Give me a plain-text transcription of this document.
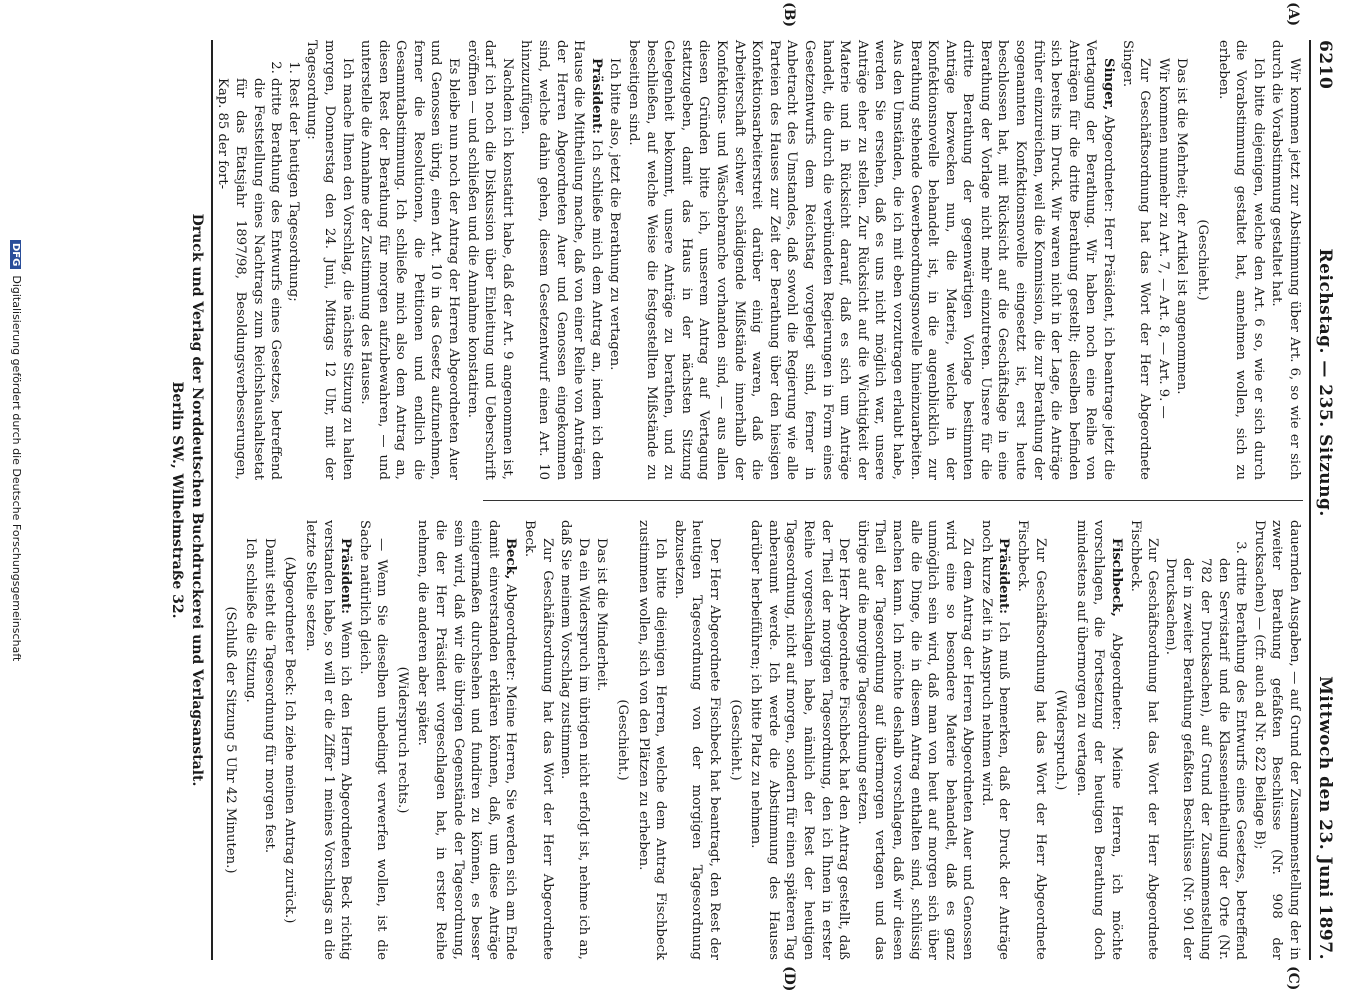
6210
Reichstag. — 235. Sitzung.
Mittwoch den 23. Juni 1897.
(A)
(B)
(C)
(D)

Wir kommen jetzt zur Abstimmung über Art. 6, so wie er sich durch die Vorabstimmung gestaltet hat.

Ich bitte diejenigen, welche den Art. 6 so, wie er sich durch die Vorabstimmung gestaltet hat, annehmen wollen, sich zu erheben.

(Geschieht.)

Das ist die Mehrheit; der Artikel ist angenommen.

Wir kommen nunmehr zu Art. 7, — Art. 8, — Art. 9. —

Zur Geschäftsordnung hat das Wort der Herr Abgeordnete Singer.

Singer, Abgeordneter: Herr Präsident, ich beantrage jetzt die Vertagung der Berathung. Wir haben noch eine Reihe von Anträgen für die dritte Berathung gestellt; dieselben befinden sich bereits im Druck. Wir waren nicht in der Lage, die Anträge früher einzureichen, weil die Kommission, die zur Berathung der sogenannten Konfektionsnovelle eingesetzt ist, erst heute beschlossen hat, mit Rücksicht auf die Geschäftslage in eine Berathung der Vorlage nicht mehr einzutreten. Unsere für die dritte Berathung der gegenwärtigen Vorlage bestimmten Anträge bezwecken nun, die Materie, welche in der Konfektionsnovelle behandelt ist, in die augenblicklich zur Berathung stehende Gewerbeordnungsnovelle hineinzuarbeiten. Aus den Umständen, die ich mit eben vorzutragen erlaubt habe, werden Sie ersehen, daß es uns nicht möglich war, unsere Anträge eher zu stellen. Zur Rücksicht auf die Wichtigkeit der Materie und in Rücksicht darauf, daß es sich um Anträge handelt, die durch die verbündeten Regierungen in Form eines Gesetzentwurfs dem Reichstag vorgelegt sind, ferner in Anbetracht des Umstandes, daß sowohl die Regierung wie alle Parteien des Hauses zur Zeit der Berathung über den hiesigen Konfektionsarbeiterstreit darüber einig waren, daß die Arbeiterschaft schwer schädigende Mißstände innerhalb der Konfektions- und Wäschebranche vorhanden sind, — aus allen diesen Gründen bitte ich, unserem Antrag auf Vertagung stattzugeben, damit das Haus in der nächsten Sitzung Gelegenheit bekommt, unsere Anträge zu berathen, und zu beschließen, auf welche Weise die festgestellten Mißstände zu beseitigen sind.

Ich bitte also, jetzt die Berathung zu vertagen.

Präsident: Ich schließe mich dem Antrag an, indem ich dem Hause die Mittheilung mache, daß von einer Reihe von Anträgen der Herren Abgeordneten Auer und Genossen eingekommen sind, welche dahin gehen, diesem Gesetzentwurf einen Art. 10 hinzuzufügen.

Nachdem ich konstatirt habe, daß der Art. 9 angenommen ist, darf ich noch die Diskussion über Einleitung und Ueberschrift eröffnen — und schließen und die Annahme konstatiren.

Es bleibe nun noch der Antrag der Herren Abgeordneten Auer und Genossen übrig, einen Art. 10 in das Gesetz aufzunehmen, ferner die Resolutionen, die Petitionen und endlich die Gesammtabstimmung. Ich schließe mich also dem Antrag an, diesen Rest der Berathung für morgen aufzubewahren, — und unterstelle die Annahme der Zustimmung des Hauses.

Ich mache Ihnen den Vorschlag, die nächste Sitzung zu halten morgen, Donnerstag den 24. Juni, Mittags 12 Uhr, mit der Tagesordnung:

1. Rest der heutigen Tagesordnung;
2. dritte Berathung des Entwurfs eines Gesetzes, betreffend die Feststellung eines Nachtrags zum Reichshaushaltsetat für das Etatsjahr 1897/98, Besoldungsverbesserungen, Kap. 85 der fort-

dauernden Ausgaben, — auf Grund der Zusammenstellung der in zweiter Berathung gefaßten Beschlüsse (Nr. 908 der Drucksachen) — (cfr. auch ad Nr. 822 Beilage B);

3. dritte Berathung des Entwurfs eines Gesetzes, betreffend den Servistarif und die Klasseneintheilung der Orte (Nr. 782 der Drucksachen), auf Grund der Zusammenstellung der in zweiter Berathung gefaßten Beschlüsse (Nr. 901 der Drucksachen).

Zur Geschäftsordnung hat das Wort der Herr Abgeordnete Fischbeck.

Fischbeck, Abgeordneter: Meine Herren, ich möchte vorschlagen, die Fortsetzung der heutigen Berathung doch mindestens auf übermorgen zu vertagen.

(Widerspruch.)

Zur Geschäftsordnung hat das Wort der Herr Abgeordnete Fischbeck.

Präsident: Ich muß bemerken, daß der Druck der Anträge noch kurze Zeit in Anspruch nehmen wird.

Zu dem Antrag der Herren Abgeordneten Auer und Genossen wird eine so besondere Materie behandelt, daß es ganz unmöglich sein wird, daß man von heut auf morgen sich über alle die Dinge, die in diesem Antrag enthalten sind, schlüssig machen kann. Ich möchte deshalb vorschlagen, daß wir diesen Theil der Tagesordnung auf übermorgen vertagen und das übrige auf die morgige Tagesordnung setzen.

Der Herr Abgeordnete Fischbeck hat den Antrag gestellt, daß der Theil der morgigen Tagesordnung, den ich Ihnen in erster Reihe vorgeschlagen habe, nämlich der Rest der heutigen Tagesordnung, nicht auf morgen, sondern für einen späteren Tag anberaumt werde. Ich werde die Abstimmung des Hauses darüber herbeiführen; ich bitte Platz zu nehmen.

(Geschieht.)

Der Herr Abgeordnete Fischbeck hat beantragt, den Rest der heutigen Tagesordnung von der morgigen Tagesordnung abzusetzen.

Ich bitte diejenigen Herren, welche dem Antrag Fischbeck zustimmen wollen, sich von den Plätzen zu erheben.

(Geschieht.)

Das ist die Minderheit.

Da ein Widerspruch im übrigen nicht erfolgt ist, nehme ich an, daß Sie meinem Vorschlag zustimmen.

Zur Geschäftsordnung hat das Wort der Herr Abgeordnete Beck.

Beck, Abgeordneter: Meine Herren, Sie werden sich am Ende damit einverstanden erklären können, daß, um diese Anträge einigermaßen durchsehen und fundiren zu können, es besser sein wird, daß wir die übrigen Gegenstände der Tagesordnung, die der Herr Präsident vorgeschlagen hat, in erster Reihe nehmen, die anderen aber später.

(Widerspruch rechts.)

— Wenn Sie dieselben unbedingt verwerfen wollen, ist die Sache natürlich gleich.

Präsident: Wenn ich den Herrn Abgeordneten Beck richtig verstanden habe, so will er die Ziffer 1 meines Vorschlags an die letzte Stelle setzen.

(Abgeordneter Beck: Ich ziehe meinen Antrag zurück.)

Damit steht die Tagesordnung für morgen fest.

Ich schließe die Sitzung.

(Schluß der Sitzung 5 Uhr 42 Minuten.)

Druck und Verlag der Norddeutschen Buchdruckerei und Verlagsanstalt.
Berlin SW., Wilhelmstraße 32.
DFGDigitalisierung gefördert durch die Deutsche Forschungsgemeinschaft
